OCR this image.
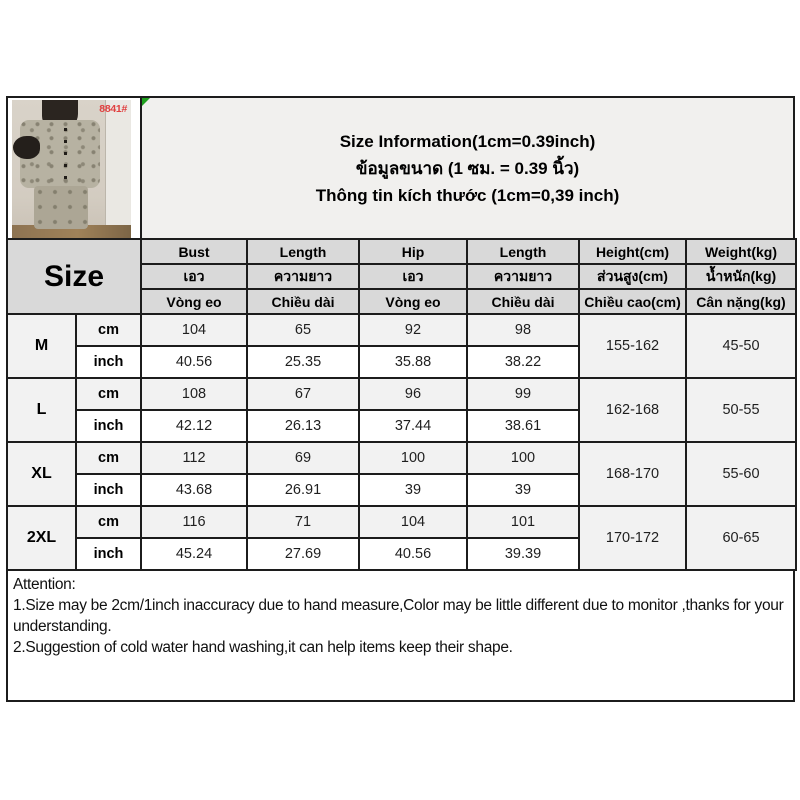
8841#
Size Information(1cm=0.39inch)
ข้อมูลขนาด (1 ซม. = 0.39 นิ้ว)
Thông tin kích thước (1cm=0,39 inch)
Size		Bust	Length	Hip	Length	Height(cm)	Weight(kg)
		เอว	ความยาว	เอว	ความยาว	ส่วนสูง(cm)	น้ำหนัก(kg)
		Vòng eo	Chiều dài	Vòng eo	Chiều dài	Chiều cao(cm)	Cân nặng(kg)
M	cm	104	65	92	98	155-162	45-50
	inch	40.56	25.35	35.88	38.22		
L	cm	108	67	96	99	162-168	50-55
	inch	42.12	26.13	37.44	38.61		
XL	cm	112	69	100	100	168-170	55-60
	inch	43.68	26.91	39	39		
2XL	cm	116	71	104	101	170-172	60-65
	inch	45.24	27.69	40.56	39.39		
Attention:
1.Size may be 2cm/1inch inaccuracy due to hand measure,Color may be little different due to monitor ,thanks for your understanding.
2.Suggestion of cold water hand washing,it can help items keep their shape.
